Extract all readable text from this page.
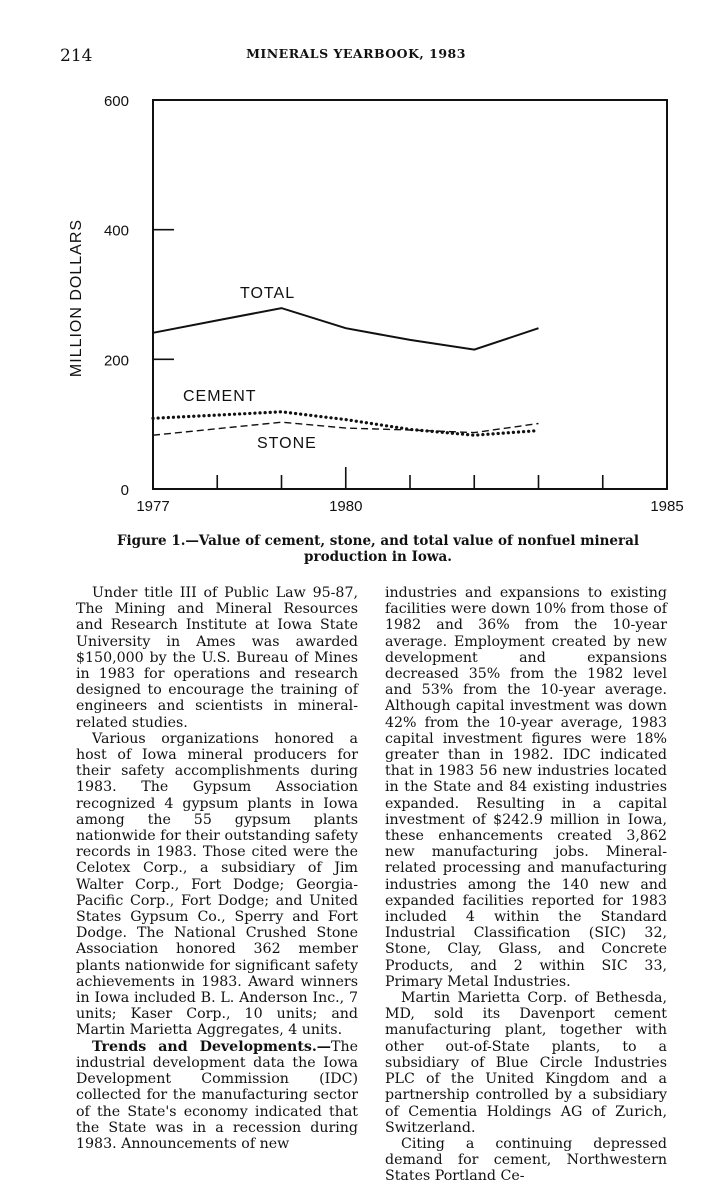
214	MINERALS YEARBOOK, 1983
0
200
400
600
1977	1980	1985
MILLION DOLLARS	TOTAL
CEMENT
STONE
Figure 1.—Value of cement, stone, and total value of nonfuel mineral production in Iowa.

Under title III of Public Law 95-87, The Mining and Mineral Resources and Research Institute at Iowa State University in Ames was awarded $150,000 by the U.S. Bureau of Mines in 1983 for operations and research designed to encourage the training of engineers and scientists in mineral-related studies.

Various organizations honored a host of Iowa mineral producers for their safety accomplishments during 1983. The Gypsum Association recognized 4 gypsum plants in Iowa among the 55 gypsum plants nationwide for their outstanding safety records in 1983. Those cited were the Celotex Corp., a subsidiary of Jim Walter Corp., Fort Dodge; Georgia-Pacific Corp., Fort Dodge; and United States Gypsum Co., Sperry and Fort Dodge. The National Crushed Stone Association honored 362 member plants nationwide for significant safety achievements in 1983. Award winners in Iowa included B. L. Anderson Inc., 7 units; Kaser Corp., 10 units; and Martin Marietta Aggregates, 4 units.

Trends and Developments.—The industrial development data the Iowa Development Commission (IDC) collected for the manufacturing sector of the State's economy indicated that the State was in a recession during 1983. Announcements of new

industries and expansions to existing facilities were down 10% from those of 1982 and 36% from the 10-year average. Employment created by new development and expansions decreased 35% from the 1982 level and 53% from the 10-year average. Although capital investment was down 42% from the 10-year average, 1983 capital investment figures were 18% greater than in 1982. IDC indicated that in 1983 56 new industries located in the State and 84 existing industries expanded. Resulting in a capital investment of $242.9 million in Iowa, these enhancements created 3,862 new manufacturing jobs. Mineral-related processing and manufacturing industries among the 140 new and expanded facilities reported for 1983 included 4 within the Standard Industrial Classification (SIC) 32, Stone, Clay, Glass, and Concrete Products, and 2 within SIC 33, Primary Metal Industries.

Martin Marietta Corp. of Bethesda, MD, sold its Davenport cement manufacturing plant, together with other out-of-State plants, to a subsidiary of Blue Circle Industries PLC of the United Kingdom and a partnership controlled by a subsidiary of Cementia Holdings AG of Zurich, Switzerland.

Citing a continuing depressed demand for cement, Northwestern States Portland Ce-
